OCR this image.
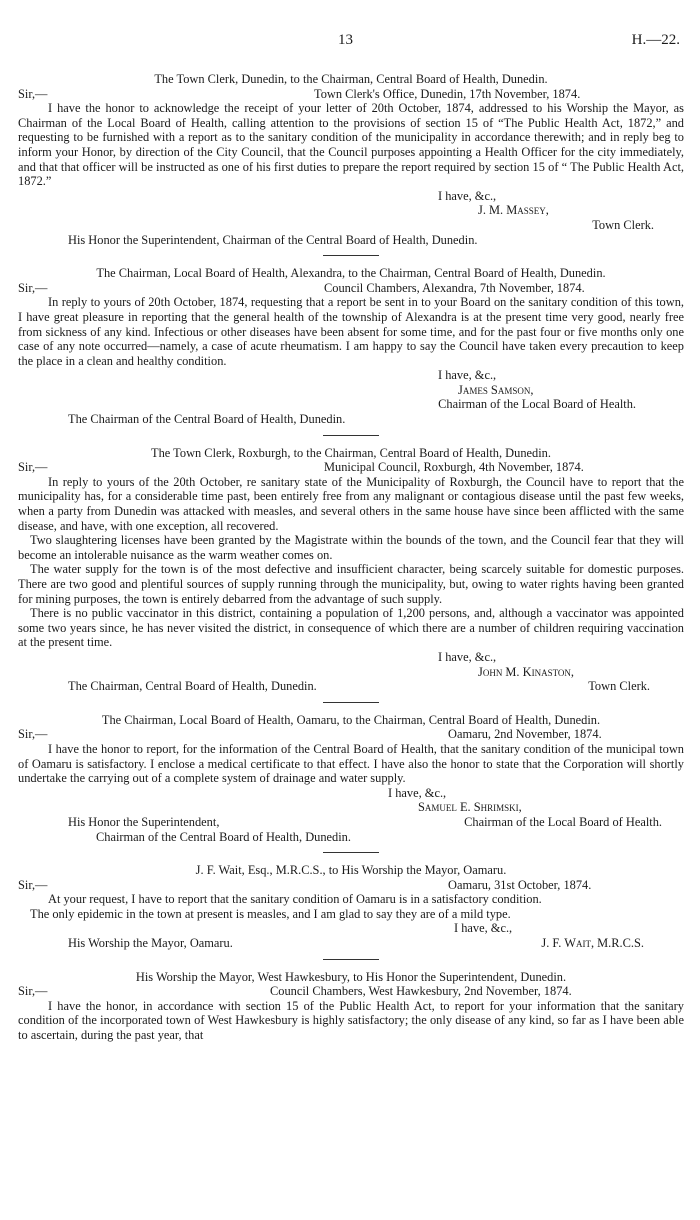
13	H.—22.

The Town Clerk, Dunedin, to the Chairman, Central Board of Health, Dunedin.

Sir,—	Town Clerk's Office, Dunedin, 17th November, 1874.

I have the honor to acknowledge the receipt of your letter of 20th October, 1874, addressed to his Worship the Mayor, as Chairman of the Local Board of Health, calling attention to the provisions of section 15 of “The Public Health Act, 1872,” and requesting to be furnished with a report as to the sanitary condition of the municipality in accordance therewith; and in reply beg to inform your Honor, by direction of the City Council, that the Council purposes appointing a Health Officer for the city immediately, and that that officer will be instructed as one of his first duties to prepare the report required by section 15 of “ The Public Health Act, 1872.”

I have, &c.,
J. M. Massey,
Town Clerk.
His Honor the Superintendent, Chairman of the Central Board of Health, Dunedin.

The Chairman, Local Board of Health, Alexandra, to the Chairman, Central Board of Health, Dunedin.

Sir,—	Council Chambers, Alexandra, 7th November, 1874.

In reply to yours of 20th October, 1874, requesting that a report be sent in to your Board on the sanitary condition of this town, I have great pleasure in reporting that the general health of the township of Alexandra is at the present time very good, nearly free from sickness of any kind. Infectious or other diseases have been absent for some time, and for the past four or five months only one case of any note occurred—namely, a case of acute rheumatism. I am happy to say the Council have taken every precaution to keep the place in a clean and healthy condition.

I have, &c.,
James Samson,
Chairman of the Local Board of Health.
The Chairman of the Central Board of Health, Dunedin.

The Town Clerk, Roxburgh, to the Chairman, Central Board of Health, Dunedin.

Sir,—	Municipal Council, Roxburgh, 4th November, 1874.

In reply to yours of the 20th October, re sanitary state of the Municipality of Roxburgh, the Council have to report that the municipality has, for a considerable time past, been entirely free from any malignant or contagious disease until the past few weeks, when a party from Dunedin was attacked with measles, and several others in the same house have since been afflicted with the same disease, and have, with one exception, all recovered.

Two slaughtering licenses have been granted by the Magistrate within the bounds of the town, and the Council fear that they will become an intolerable nuisance as the warm weather comes on.

The water supply for the town is of the most defective and insufficient character, being scarcely suitable for domestic purposes. There are two good and plentiful sources of supply running through the municipality, but, owing to water rights having been granted for mining purposes, the town is entirely debarred from the advantage of such supply.

There is no public vaccinator in this district, containing a population of 1,200 persons, and, although a vaccinator was appointed some two years since, he has never visited the district, in consequence of which there are a number of children requiring vaccination at the present time.

I have, &c.,
John M. Kinaston,
The Chairman, Central Board of Health, Dunedin.	Town Clerk.

The Chairman, Local Board of Health, Oamaru, to the Chairman, Central Board of Health, Dunedin.

Sir,—	Oamaru, 2nd November, 1874.

I have the honor to report, for the information of the Central Board of Health, that the sanitary condition of the municipal town of Oamaru is satisfactory. I enclose a medical certificate to that effect. I have also the honor to state that the Corporation will shortly undertake the carrying out of a complete system of drainage and water supply.

I have, &c.,
Samuel E. Shrimski,
His Honor the Superintendent,	Chairman of the Local Board of Health.
Chairman of the Central Board of Health, Dunedin.

J. F. Wait, Esq., M.R.C.S., to His Worship the Mayor, Oamaru.

Sir,—	Oamaru, 31st October, 1874.

At your request, I have to report that the sanitary condition of Oamaru is in a satisfactory condition.

The only epidemic in the town at present is measles, and I am glad to say they are of a mild type.

I have, &c.,
His Worship the Mayor, Oamaru.	J. F. Wait, M.R.C.S.

His Worship the Mayor, West Hawkesbury, to His Honor the Superintendent, Dunedin.

Sir,—	Council Chambers, West Hawkesbury, 2nd November, 1874.

I have the honor, in accordance with section 15 of the Public Health Act, to report for your information that the sanitary condition of the incorporated town of West Hawkesbury is highly satisfactory; the only disease of any kind, so far as I have been able to ascertain, during the past year, that
